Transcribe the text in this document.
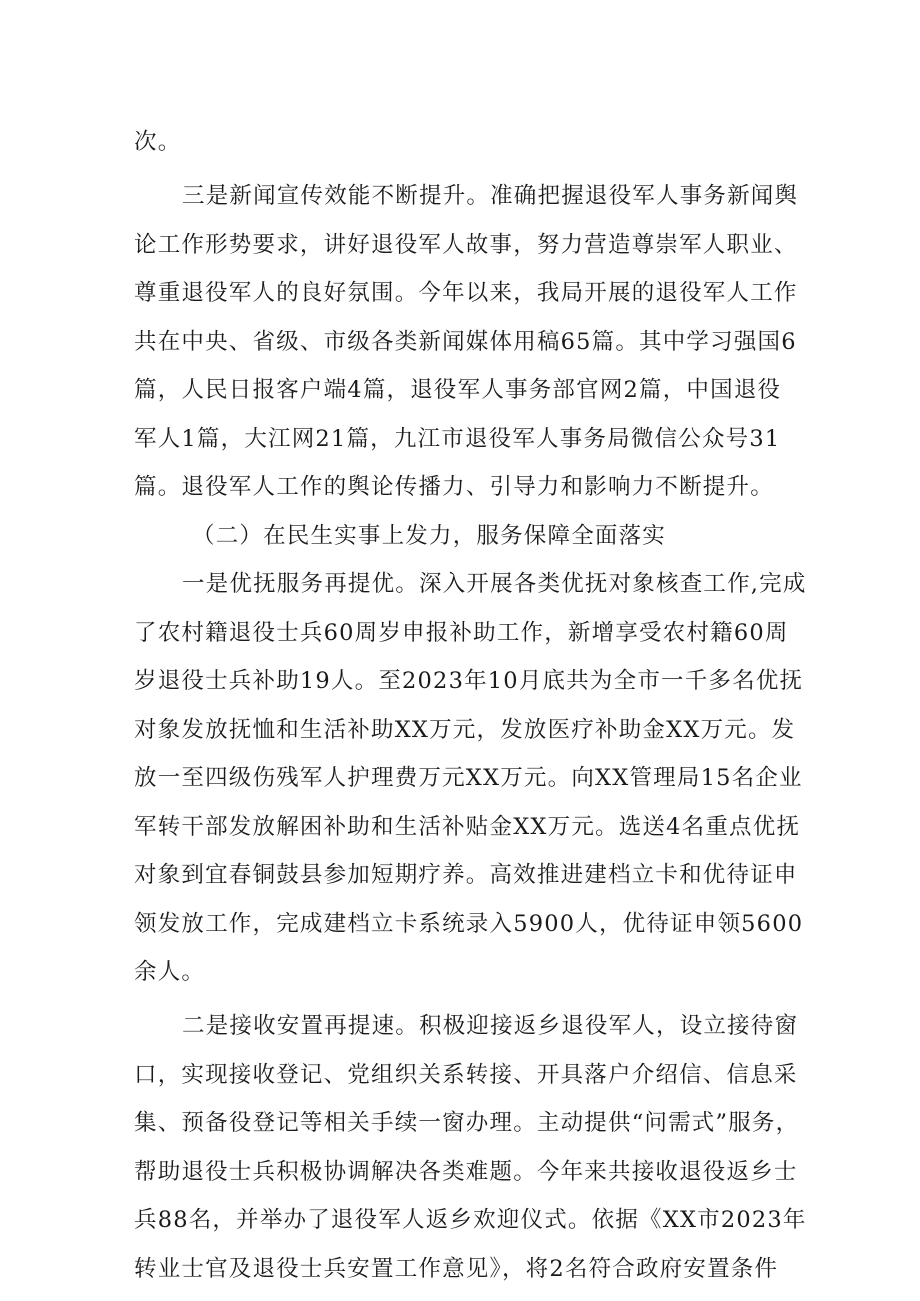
次。
三是新闻宣传效能不断提升。准确把握退役军人事务新闻舆
论工作形势要求，讲好退役军人故事，努力营造尊崇军人职业、
尊重退役军人的良好氛围。今年以来，我局开展的退役军人工作
共在中央、省级、市级各类新闻媒体用稿65篇。其中学习强国6
篇，人民日报客户端4篇，退役军人事务部官网2篇，中国退役
军人1篇，大江网21篇，九江市退役军人事务局微信公众号31
篇。退役军人工作的舆论传播力、引导力和影响力不断提升。
（二）在民生实事上发力，服务保障全面落实
一是优抚服务再提优。深入开展各类优抚对象核查工作,完成
了农村籍退役士兵60周岁申报补助工作，新增享受农村籍60周
岁退役士兵补助19人。至2023年10月底共为全市一千多名优抚
对象发放抚恤和生活补助XX万元，发放医疗补助金XX万元。发
放一至四级伤残军人护理费万元XX万元。向XX管理局15名企业
军转干部发放解困补助和生活补贴金XX万元。选送4名重点优抚
对象到宜春铜鼓县参加短期疗养。高效推进建档立卡和优待证申
领发放工作，完成建档立卡系统录入5900人，优待证申领5600
余人。
二是接收安置再提速。积极迎接返乡退役军人，设立接待窗
口，实现接收登记、党组织关系转接、开具落户介绍信、信息采
集、预备役登记等相关手续一窗办理。主动提供“问需式”服务，
帮助退役士兵积极协调解决各类难题。今年来共接收退役返乡士
兵88名，并举办了退役军人返乡欢迎仪式。依据《XX市2023年
转业士官及退役士兵安置工作意见》，将2名符合政府安置条件
